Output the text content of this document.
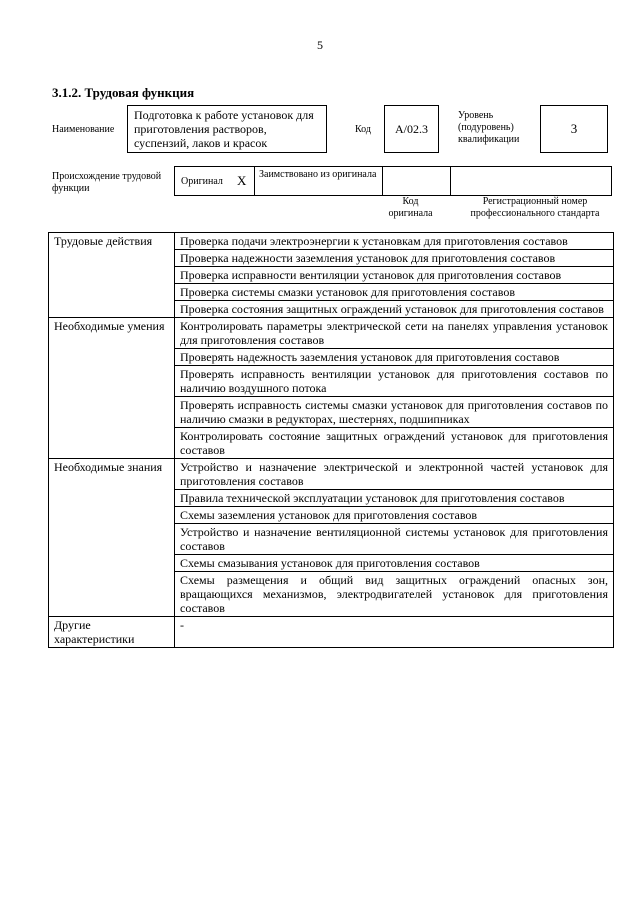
5
3.1.2. Трудовая функция
Наименование
Подготовка к работе установок для приготовления растворов, суспензий, лаков и красок
Код А/02.3
Уровень (подуровень) квалификации
3
Происхождение трудовой функции
Оригинал X Заимствовано из оригинала
Код оригинала
Регистрационный номер профессионального стандарта
Трудовые действия	Проверка подачи электроэнергии к установкам для приготовления составов
	Проверка надежности заземления установок для приготовления составов
	Проверка исправности вентиляции установок для приготовления составов
	Проверка системы смазки установок для приготовления составов
	Проверка состояния защитных ограждений установок для приготовления составов
Необходимые умения	Контролировать параметры электрической сети на панелях управления установок для приготовления составов
	Проверять надежность заземления установок для приготовления составов
	Проверять исправность вентиляции установок для приготовления составов по наличию воздушного потока
	Проверять исправность системы смазки установок для приготовления составов по наличию смазки в редукторах, шестернях, подшипниках
	Контролировать состояние защитных ограждений установок для приготовления составов
Необходимые знания	Устройство и назначение электрической и электронной частей установок для приготовления составов
	Правила технической эксплуатации установок для приготовления составов
	Схемы заземления установок для приготовления составов
	Устройство и назначение вентиляционной системы установок для приготовления составов
	Схемы смазывания установок для приготовления составов
	Схемы размещения и общий вид защитных ограждений опасных зон, вращающихся механизмов, электродвигателей установок для приготовления составов
Другие характеристики	-
